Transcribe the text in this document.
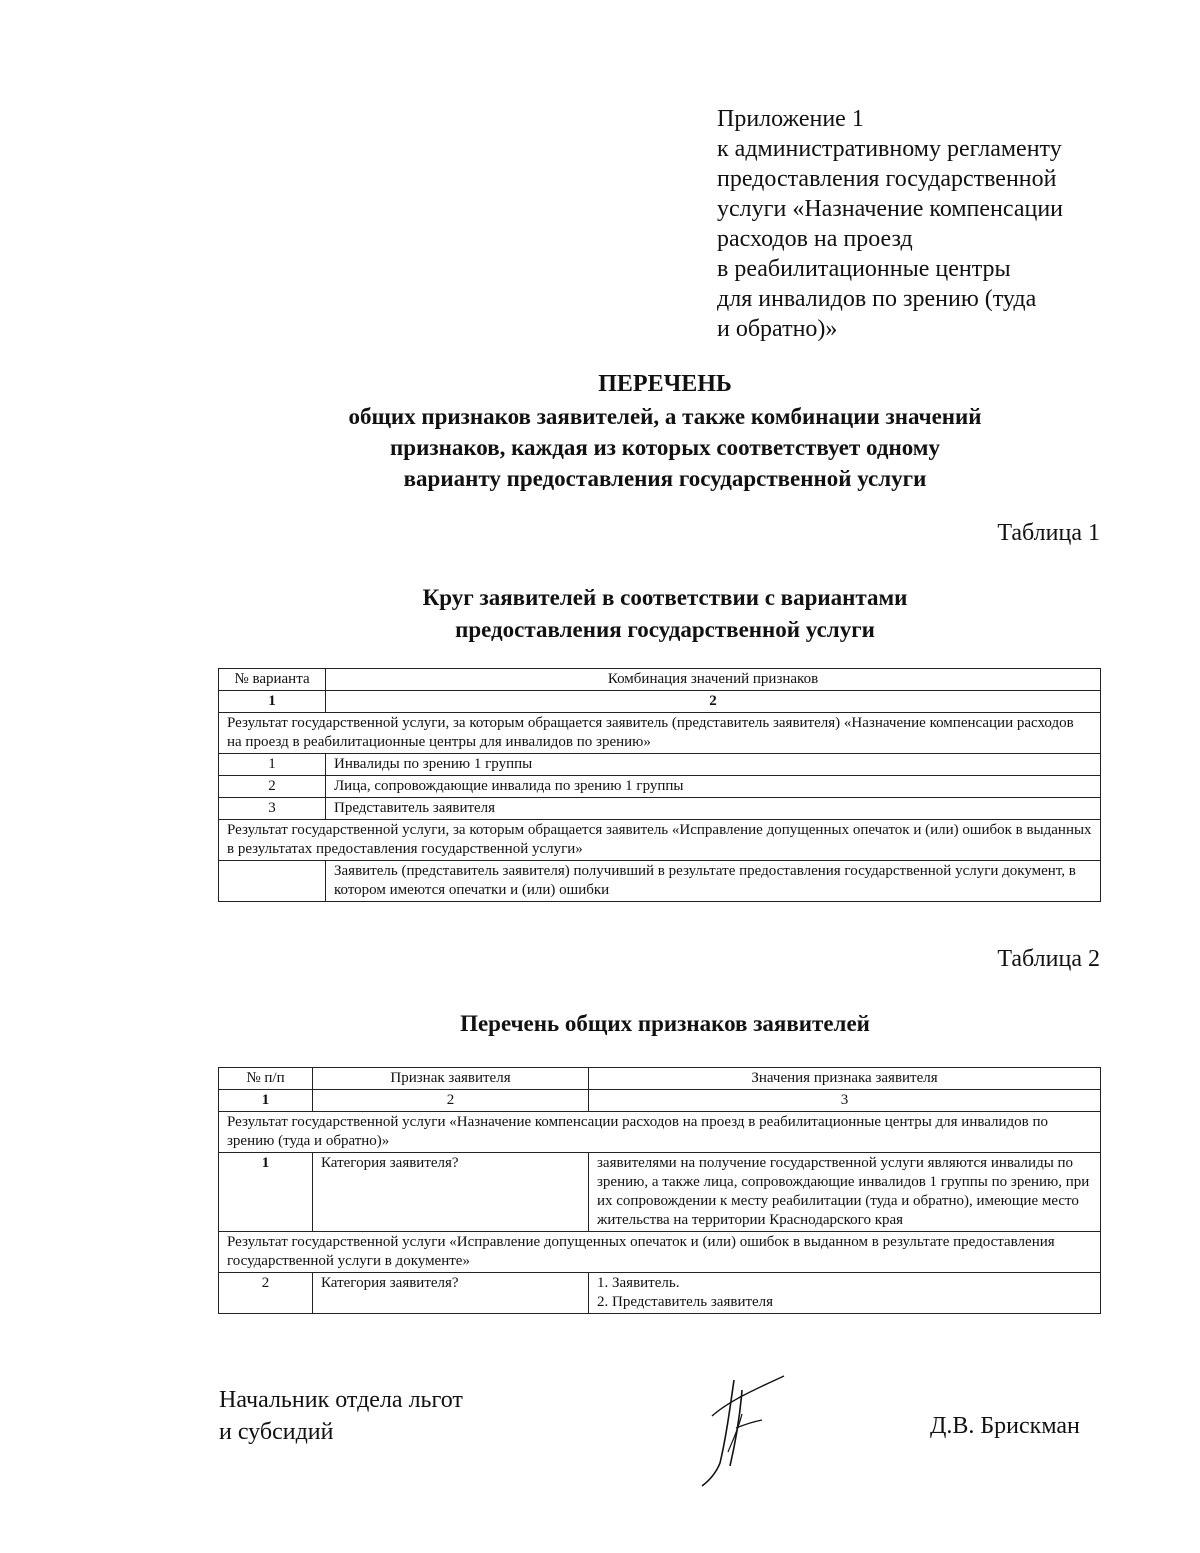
Приложение 1
к административному регламенту
предоставления государственной
услуги «Назначение компенсации
расходов на проезд
в реабилитационные центры
для инвалидов по зрению (туда
и обратно)»
ПЕРЕЧЕНЬ
общих признаков заявителей, а также комбинации значений
признаков, каждая из которых соответствует одному
варианту предоставления государственной услуги
Таблица 1
Круг заявителей в соответствии с вариантами
предоставления государственной услуги
№ варианта	Комбинация значений признаков
1	2
Результат государственной услуги, за которым обращается заявитель (представитель заявителя) «Назначение компенсации расходов на проезд в реабилитационные центры для инвалидов по зрению»	
1	Инвалиды по зрению 1 группы
2	Лица, сопровождающие инвалида по зрению 1 группы
3	Представитель заявителя
Результат государственной услуги, за которым обращается заявитель «Исправление допущенных опечаток и (или) ошибок в выданных в результатах предоставления государственной услуги»	
	Заявитель (представитель заявителя) получивший в результате предоставления государственной услуги документ, в котором имеются опечатки и (или) ошибки
Таблица 2
Перечень общих признаков заявителей
№ п/п	Признак заявителя	Значения признака заявителя
1	2	3
Результат государственной услуги «Назначение компенсации расходов на проезд в реабилитационные центры для инвалидов по зрению (туда и обратно)»		
1	Категория заявителя?	заявителями на получение государственной услуги являются инвалиды по зрению, а также лица, сопровождающие инвалидов 1 группы по зрению, при их сопровождении к месту реабилитации (туда и обратно), имеющие место жительства на территории Краснодарского края
Результат государственной услуги «Исправление допущенных опечаток и (или) ошибок в выданном в результате предоставления государственной услуги в документе»		
2	Категория заявителя?	1. Заявитель.
2. Представитель заявителя
Начальник отдела льгот
и субсидий	Д.В. Брискман
